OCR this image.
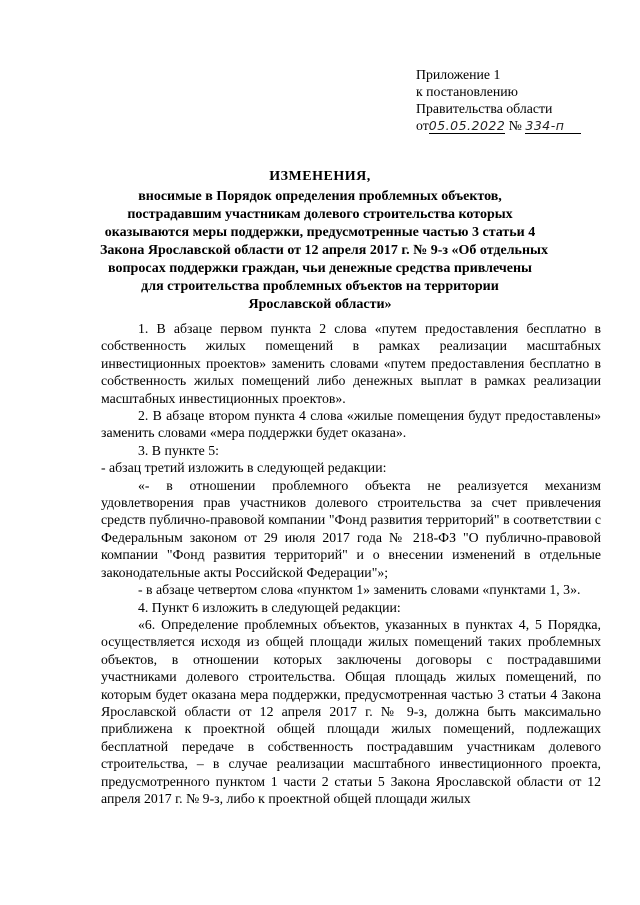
Приложение 1
к постановлению
Правительства области
от05.05.2022 № 334-п
ИЗМЕНЕНИЯ,
вносимые в Порядок определения проблемных объектов,
пострадавшим участникам долевого строительства которых
оказываются меры поддержки, предусмотренные частью 3 статьи 4
Закона Ярославской области от 12 апреля 2017 г. № 9-з «Об отдельных
вопросах поддержки граждан, чьи денежные средства привлечены
для строительства проблемных объектов на территории
Ярославской области»

1. В абзаце первом пункта 2 слова «путем предоставления бесплатно в собственность жилых помещений в рамках реализации масштабных инвестиционных проектов» заменить словами «путем предоставления бесплатно в собственность жилых помещений либо денежных выплат в рамках реализации масштабных инвестиционных проектов».

2. В абзаце втором пункта 4 слова «жилые помещения будут предоставлены» заменить словами «мера поддержки будет оказана».

3. В пункте 5:

- абзац третий изложить в следующей редакции:

«- в отношении проблемного объекта не реализуется механизм удовлетворения прав участников долевого строительства за счет привлечения средств публично-правовой компании "Фонд развития территорий" в соответствии с Федеральным законом от 29 июля 2017 года № 218-ФЗ "О публично-правовой компании "Фонд развития территорий" и о внесении изменений в отдельные законодательные акты Российской Федерации"»;

- в абзаце четвертом слова «пунктом 1» заменить словами «пунктами 1, 3».

4. Пункт 6 изложить в следующей редакции:

«6. Определение проблемных объектов, указанных в пунктах 4, 5 Порядка, осуществляется исходя из общей площади жилых помещений таких проблемных объектов, в отношении которых заключены договоры с пострадавшими участниками долевого строительства. Общая площадь жилых помещений, по которым будет оказана мера поддержки, предусмотренная частью 3 статьи 4 Закона Ярославской области от 12 апреля 2017 г. № 9-з, должна быть максимально приближена к проектной общей площади жилых помещений, подлежащих бесплатной передаче в собственность пострадавшим участникам долевого строительства, – в случае реализации масштабного инвестиционного проекта, предусмотренного пунктом 1 части 2 статьи 5 Закона Ярославской области от 12 апреля 2017 г. № 9-з, либо к проектной общей площади жилых
